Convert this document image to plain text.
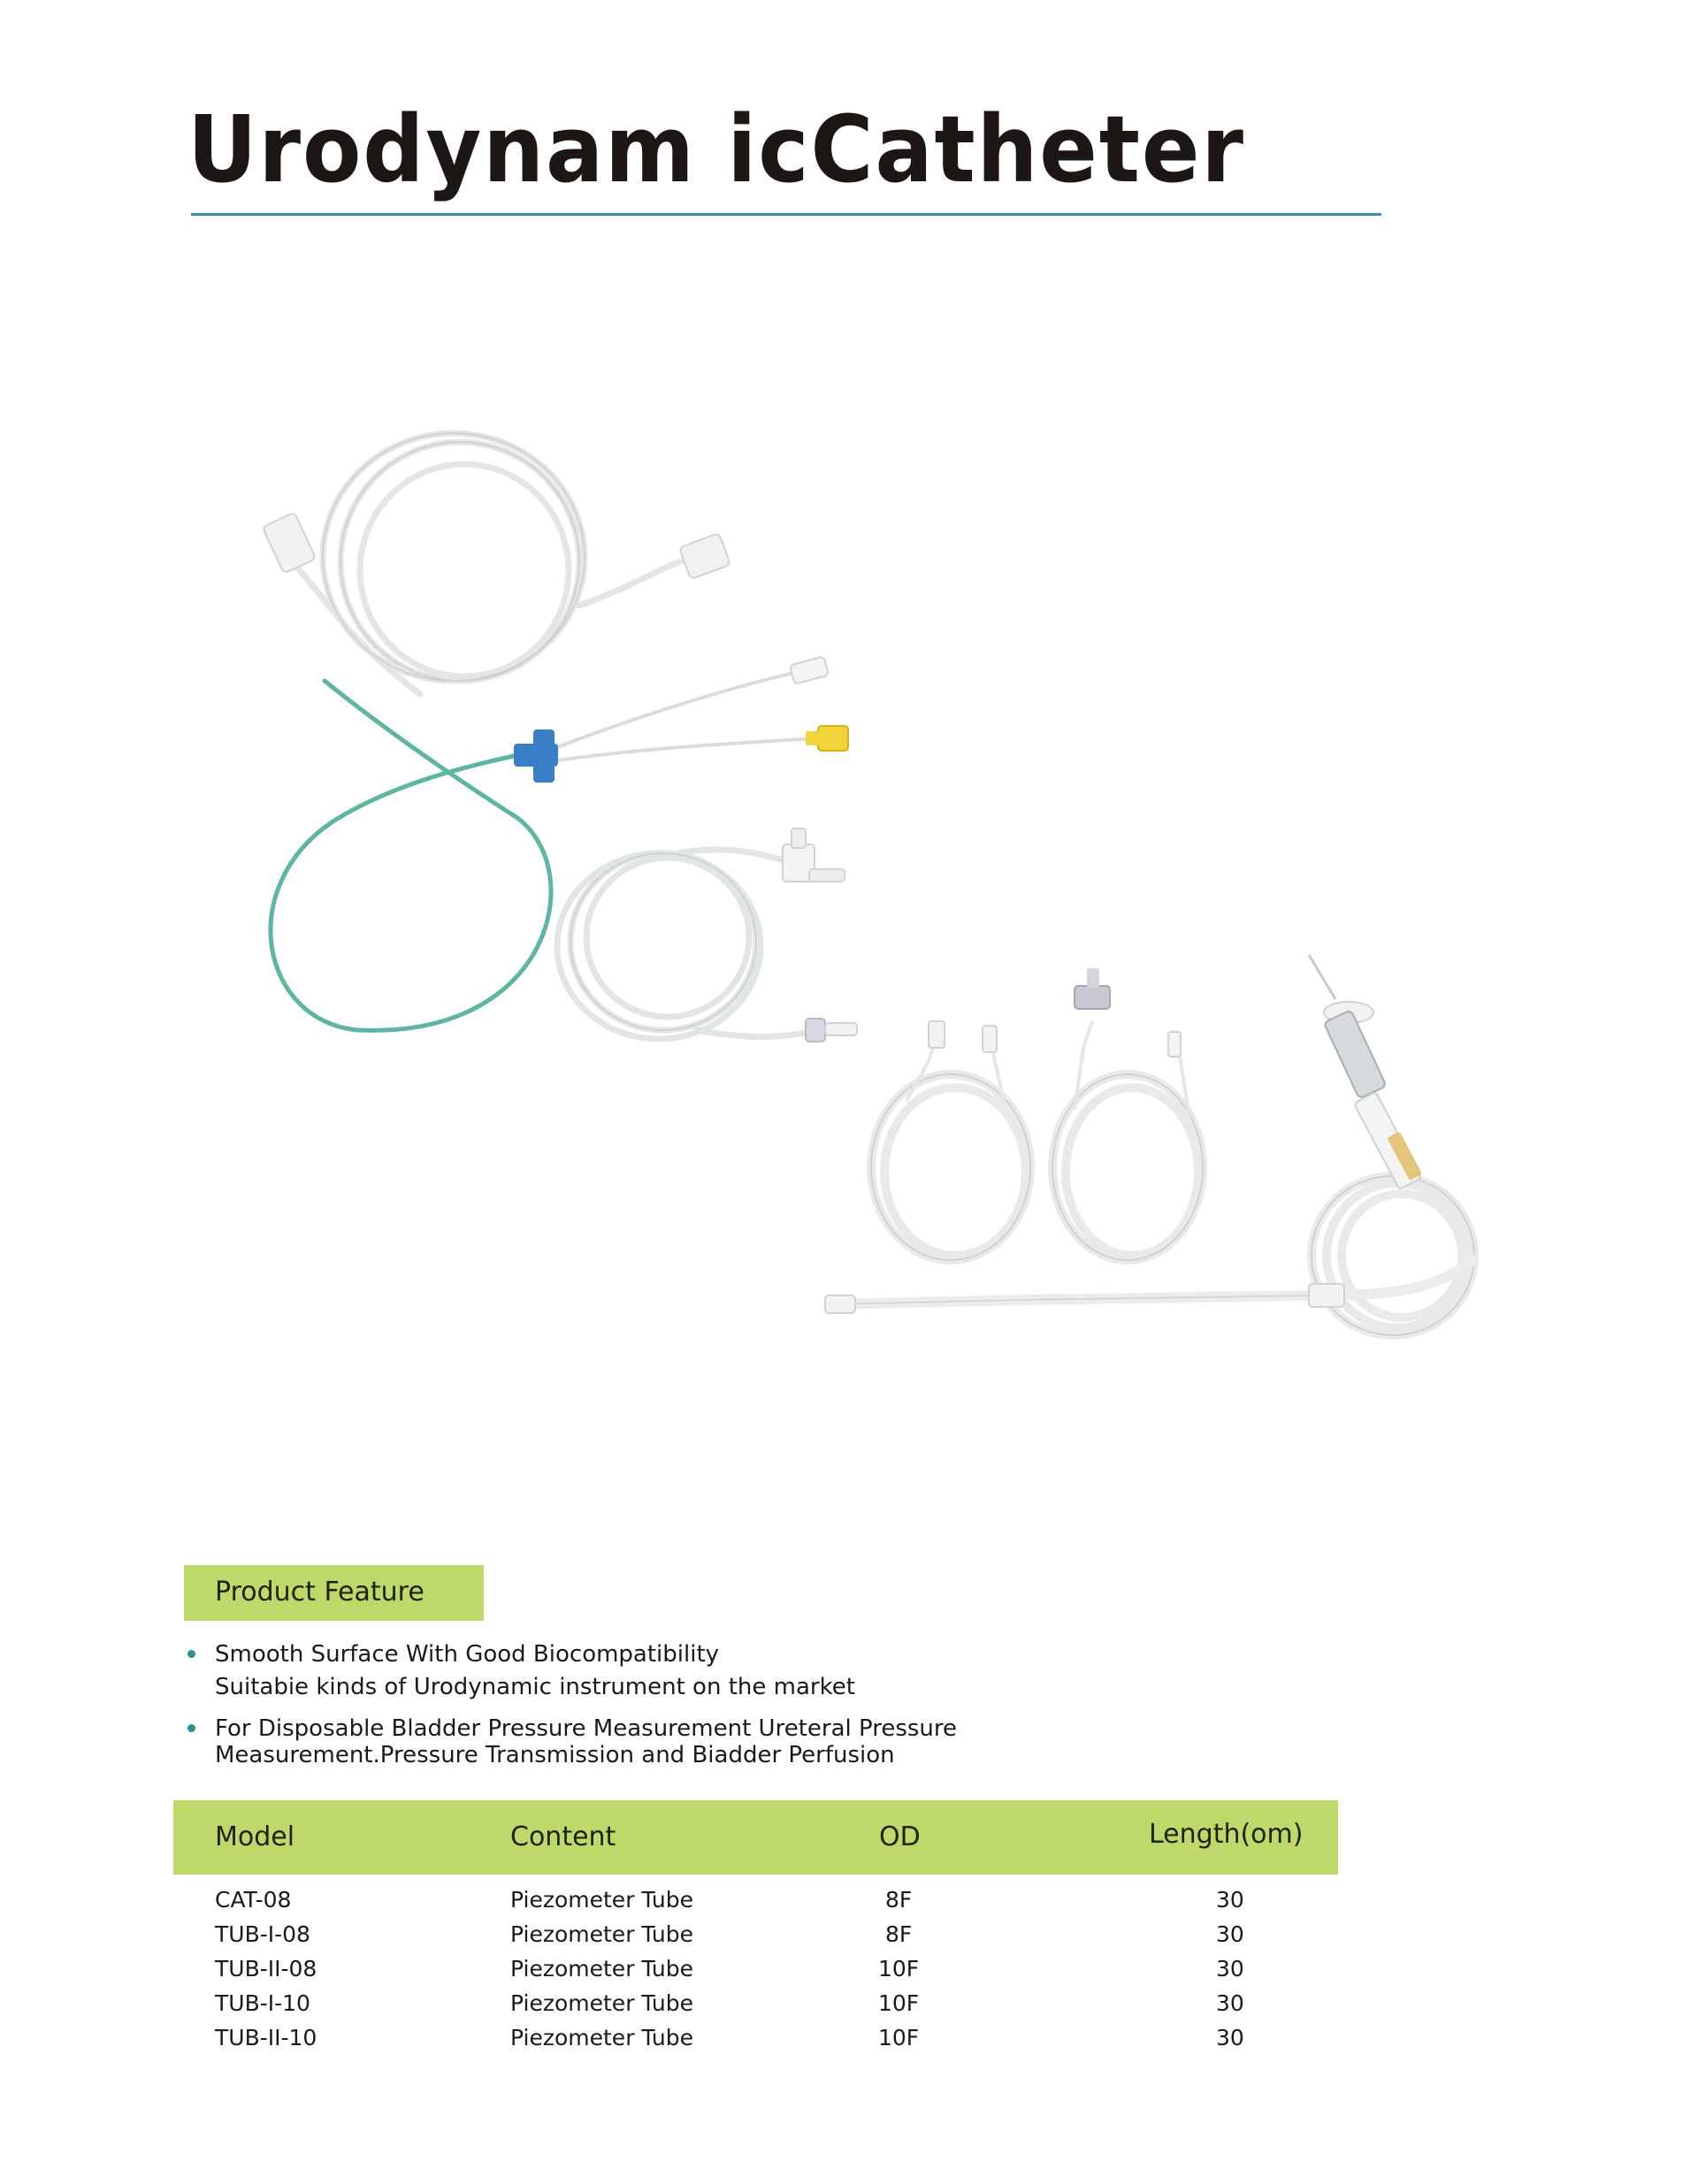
Urodynam icCatheter
Product Feature
Smooth Surface With Good Biocompatibility
Suitabie kinds of Urodynamic instrument on the market
For Disposable Bladder Pressure Measurement Ureteral Pressure
Measurement.Pressure Transmission and Biadder Perfusion
Model	Content	OD	Length(om)
CAT-08	Piezometer Tube	8F	30
TUB-I-08	Piezometer Tube	8F	30
TUB-II-08	Piezometer Tube	10F	30
TUB-I-10	Piezometer Tube	10F	30
TUB-II-10	Piezometer Tube	10F	30
